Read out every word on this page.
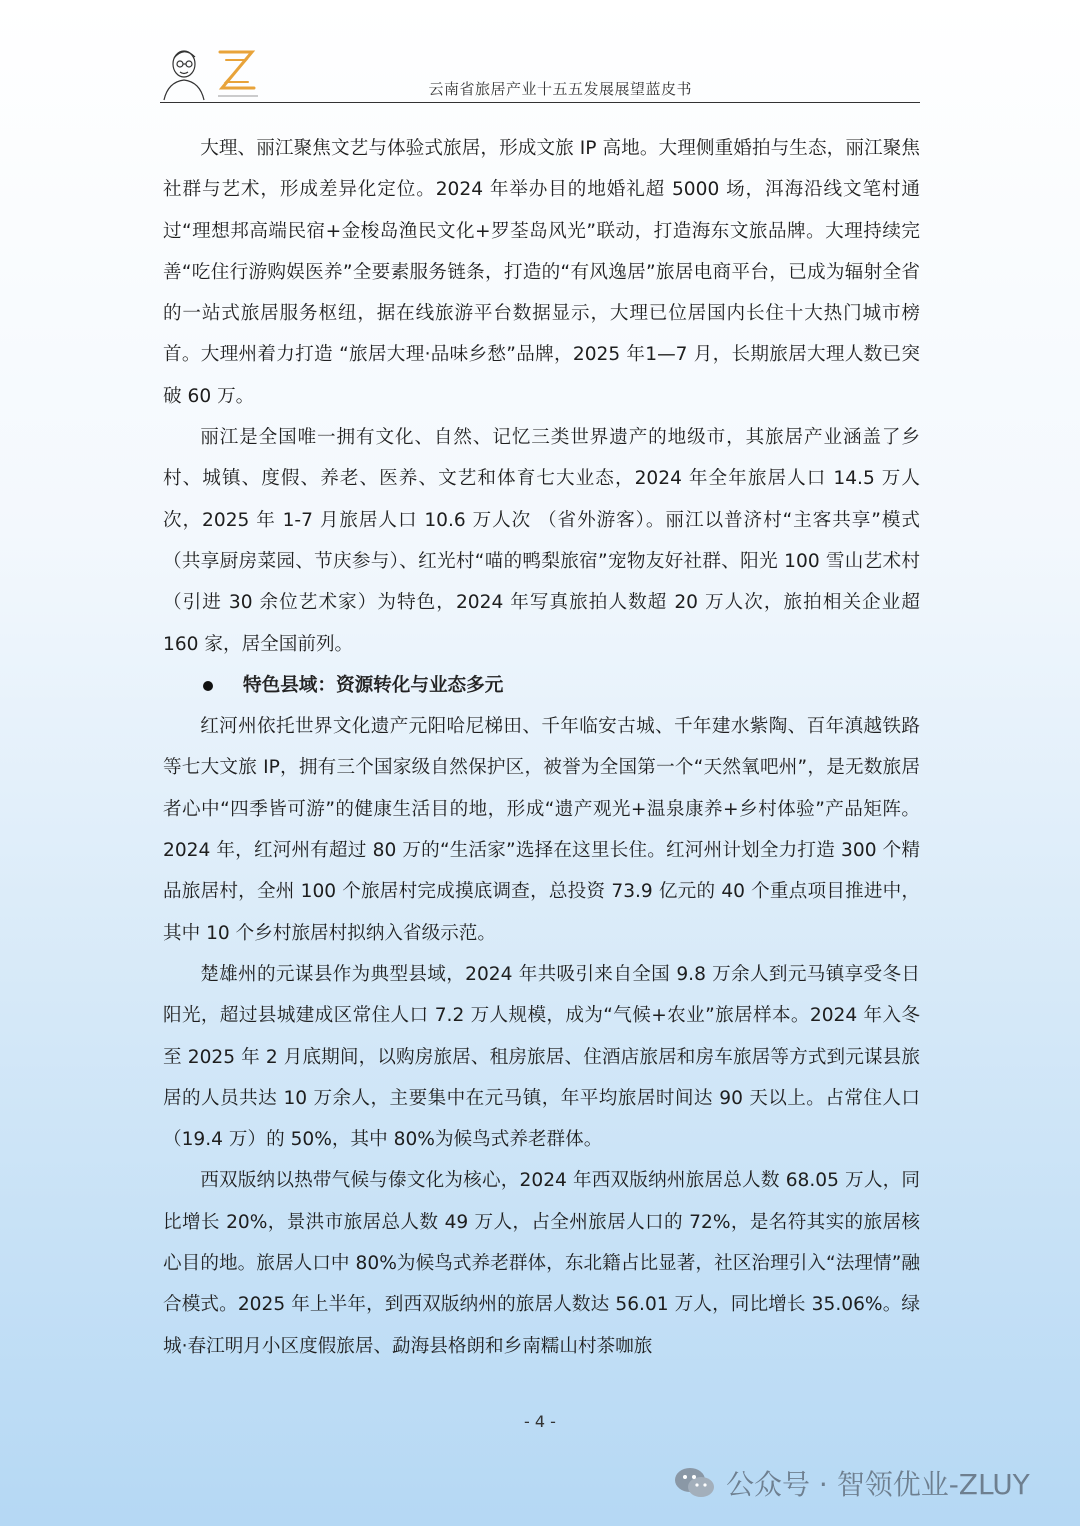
云南省旅居产业十五五发展展望蓝皮书

大理、丽江聚焦文艺与体验式旅居，形成文旅 IP 高地。大理侧重婚拍与生态，丽江聚焦社群与艺术，形成差异化定位。2024 年举办目的地婚礼超 5000 场，洱海沿线文笔村通过“理想邦高端民宿+金梭岛渔民文化+罗荃岛风光”联动，打造海东文旅品牌。大理持续完善“吃住行游购娱医养”全要素服务链条，打造的“有风逸居”旅居电商平台，已成为辐射全省的一站式旅居服务枢纽，据在线旅游平台数据显示，大理已位居国内长住十大热门城市榜首。大理州着力打造 “旅居大理·品味乡愁”品牌，2025 年1—7 月，长期旅居大理人数已突破 60 万。

丽江是全国唯一拥有文化、自然、记忆三类世界遗产的地级市，其旅居产业涵盖了乡村、城镇、度假、养老、医养、文艺和体育七大业态，2024 年全年旅居人口 14.5 万人次，2025 年 1-7 月旅居人口 10.6 万人次 （省外游客）。丽江以普济村“主客共享”模式（共享厨房菜园、节庆参与）、红光村“喵的鸭梨旅宿”宠物友好社群、阳光 100 雪山艺术村（引进 30 余位艺术家）为特色，2024 年写真旅拍人数超 20 万人次，旅拍相关企业超 160 家，居全国前列。

特色县域：资源转化与业态多元

红河州依托世界文化遗产元阳哈尼梯田、千年临安古城、千年建水紫陶、百年滇越铁路等七大文旅 IP，拥有三个国家级自然保护区，被誉为全国第一个“天然氧吧州”，是无数旅居者心中“四季皆可游”的健康生活目的地，形成“遗产观光+温泉康养+乡村体验”产品矩阵。2024 年，红河州有超过 80 万的“生活家”选择在这里长住。红河州计划全力打造 300 个精品旅居村，全州 100 个旅居村完成摸底调查，总投资 73.9 亿元的 40 个重点项目推进中，其中 10 个乡村旅居村拟纳入省级示范。

楚雄州的元谋县作为典型县域，2024 年共吸引来自全国 9.8 万余人到元马镇享受冬日阳光，超过县城建成区常住人口 7.2 万人规模，成为“气候+农业”旅居样本。2024 年入冬至 2025 年 2 月底期间，以购房旅居、租房旅居、住酒店旅居和房车旅居等方式到元谋县旅居的人员共达 10 万余人，主要集中在元马镇，年平均旅居时间达 90 天以上。占常住人口（19.4 万）的 50%，其中 80%为候鸟式养老群体。

西双版纳以热带气候与傣文化为核心，2024 年西双版纳州旅居总人数 68.05 万人，同比增长 20%，景洪市旅居总人数 49 万人，占全州旅居人口的 72%，是名符其实的旅居核心目的地。旅居人口中 80%为候鸟式养老群体，东北籍占比显著，社区治理引入“法理情”融合模式。2025 年上半年，到西双版纳州的旅居人数达 56.01 万人，同比增长 35.06%。绿城·春江明月小区度假旅居、勐海县格朗和乡南糯山村茶咖旅

- 4 -
公众号 · 智领优业-ZLUY
